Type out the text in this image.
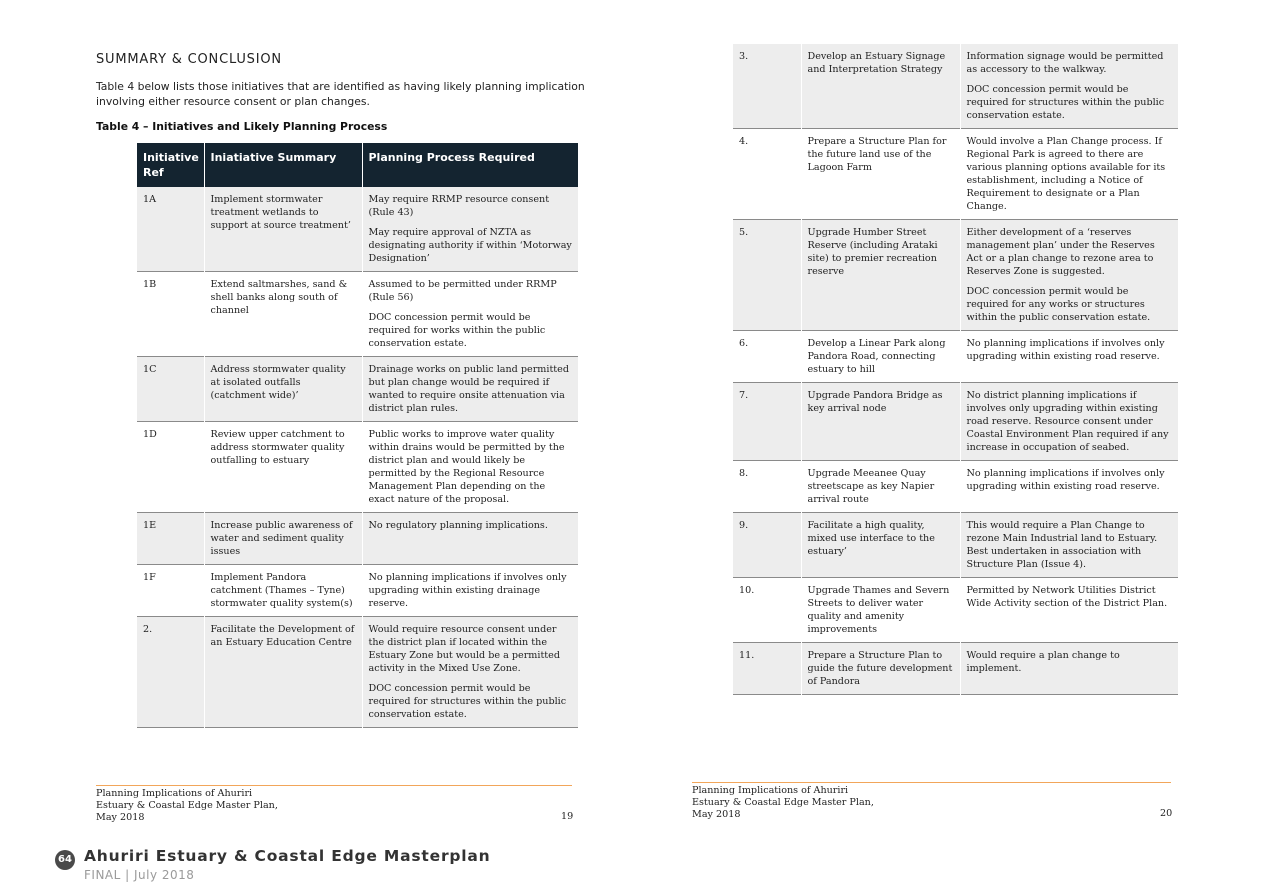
SUMMARY & CONCLUSION
Table 4 below lists those initiatives that are identified as having likely planning implication involving either resource consent or plan changes.
Table 4 – Initiatives and Likely Planning Process
Initiative Ref	Iniatiative Summary	Planning Process Required
1A	Implement stormwater treatment wetlands to support at source treatment’	May require RRMP resource consent (Rule 43)

May require approval of NZTA as designating authority if within ‘Motorway Designation’

1B	Extend saltmarshes, sand & shell banks along south of channel	Assumed to be permitted under RRMP (Rule 56)

DOC concession permit would be required for works within the public conservation estate.

1C	Address stormwater quality at isolated outfalls (catchment wide)’	Drainage works on public land permitted but plan change would be required if wanted to require onsite attenuation via district plan rules.

1D	Review upper catchment to address stormwater quality outfalling to estuary	Public works to improve water quality within drains would be permitted by the district plan and would likely be permitted by the Regional Resource Management Plan depending on the exact nature of the proposal.

1E	Increase public awareness of water and sediment quality issues	No regulatory planning implications.

1F	Implement Pandora catchment (Thames – Tyne) stormwater quality system(s)	No planning implications if involves only upgrading within existing drainage reserve.

2.	Facilitate the Development of an Estuary Education Centre	Would require resource consent under the district plan if located within the Estuary Zone but would be a permitted activity in the Mixed Use Zone.

DOC concession permit would be required for structures within the public conservation estate.

Planning Implications of Ahuriri
Estuary & Coastal Edge Master Plan,
May 2018	19
3.	Develop an Estuary Signage and Interpretation Strategy	Information signage would be permitted as accessory to the walkway.

DOC concession permit would be required for structures within the public conservation estate.

4.	Prepare a Structure Plan for the future land use of the Lagoon Farm	Would involve a Plan Change process. If Regional Park is agreed to there are various planning options available for its establishment, including a Notice of Requirement to designate or a Plan Change.

5.	Upgrade Humber Street Reserve (including Arataki site) to premier recreation reserve	Either development of a ‘reserves management plan’ under the Reserves Act or a plan change to rezone area to Reserves Zone is suggested.

DOC concession permit would be required for any works or structures within the public conservation estate.

6.	Develop a Linear Park along Pandora Road, connecting estuary to hill	No planning implications if involves only upgrading within existing road reserve.

7.	Upgrade Pandora Bridge as key arrival node	No district planning implications if involves only upgrading within existing road reserve. Resource consent under Coastal Environment Plan required if any increase in occupation of seabed.

8.	Upgrade Meeanee Quay streetscape as key Napier arrival route	No planning implications if involves only upgrading within existing road reserve.

9.	Facilitate a high quality, mixed use interface to the estuary’	This would require a Plan Change to rezone Main Industrial land to Estuary. Best undertaken in association with Structure Plan (Issue 4).

10.	Upgrade Thames and Severn Streets to deliver water quality and amenity improvements	Permitted by Network Utilities District Wide Activity section of the District Plan.

11.	Prepare a Structure Plan to guide the future development of Pandora	Would require a plan change to implement.

Planning Implications of Ahuriri
Estuary & Coastal Edge Master Plan,
May 2018	20
64 Ahuriri Estuary & Coastal Edge Masterplan
FINAL | July 2018
